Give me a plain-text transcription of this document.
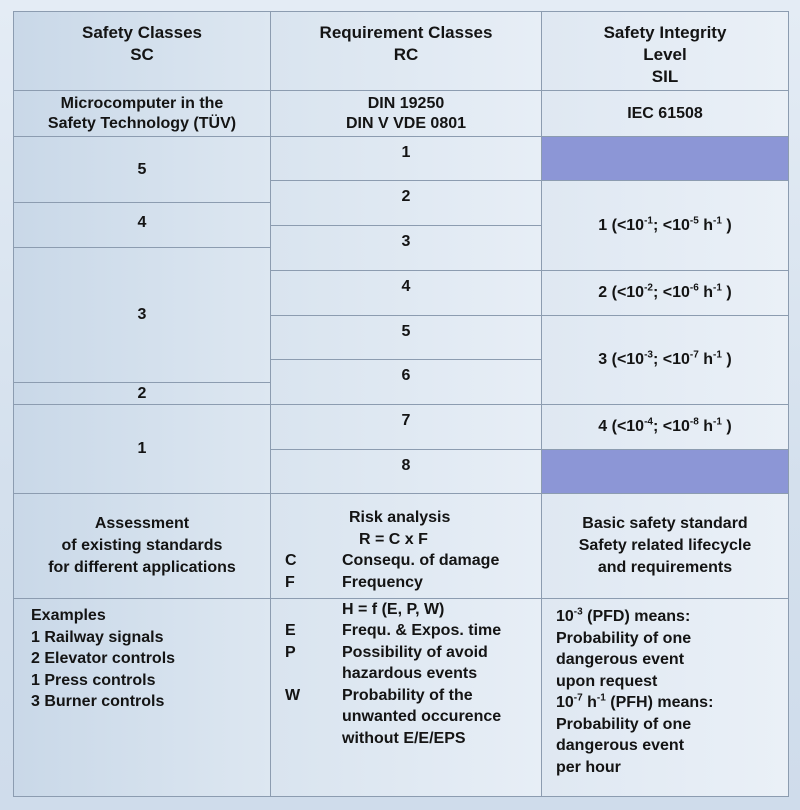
Safety Classes
SC
Requirement Classes
RC
Safety Integrity
Level
SIL
Microcomputer in the
Safety Technology (TÜV)
DIN 19250
DIN V VDE 0801
IEC 61508
5
4
3
2
1
1
2
3
4
5
6
7
8
1 ($<10^{-1}$; $<10^{-5}$ $h^{-1}$ )
2 ($<10^{-2}$; $<10^{-6}$ $h^{-1}$ )
3 ($<10^{-3}$; $<10^{-7}$ $h^{-1}$ )
4 ($<10^{-4}$; $<10^{-8}$ $h^{-1}$ )
Assessment
of existing standards
for different applications
Risk analysis
R = C x F
C
F
Consequ. of damage
Frequency
Basic safety standard
Safety related lifecycle
and requirements
Examples
1 Railway signals
2 Elevator controls
1 Press controls
3 Burner controls
H = f (E, P, W)
E
P

W
Frequ. & Expos. time
Possibility of avoid
hazardous events
Probability of the
unwanted occurence
without E/E/EPS
$10^{-3}$ (PFD) means:
Probability of one
dangerous event
upon request
$10^{-7}$ $h^{-1}$ (PFH) means:
Probability of one
dangerous event
per hour
